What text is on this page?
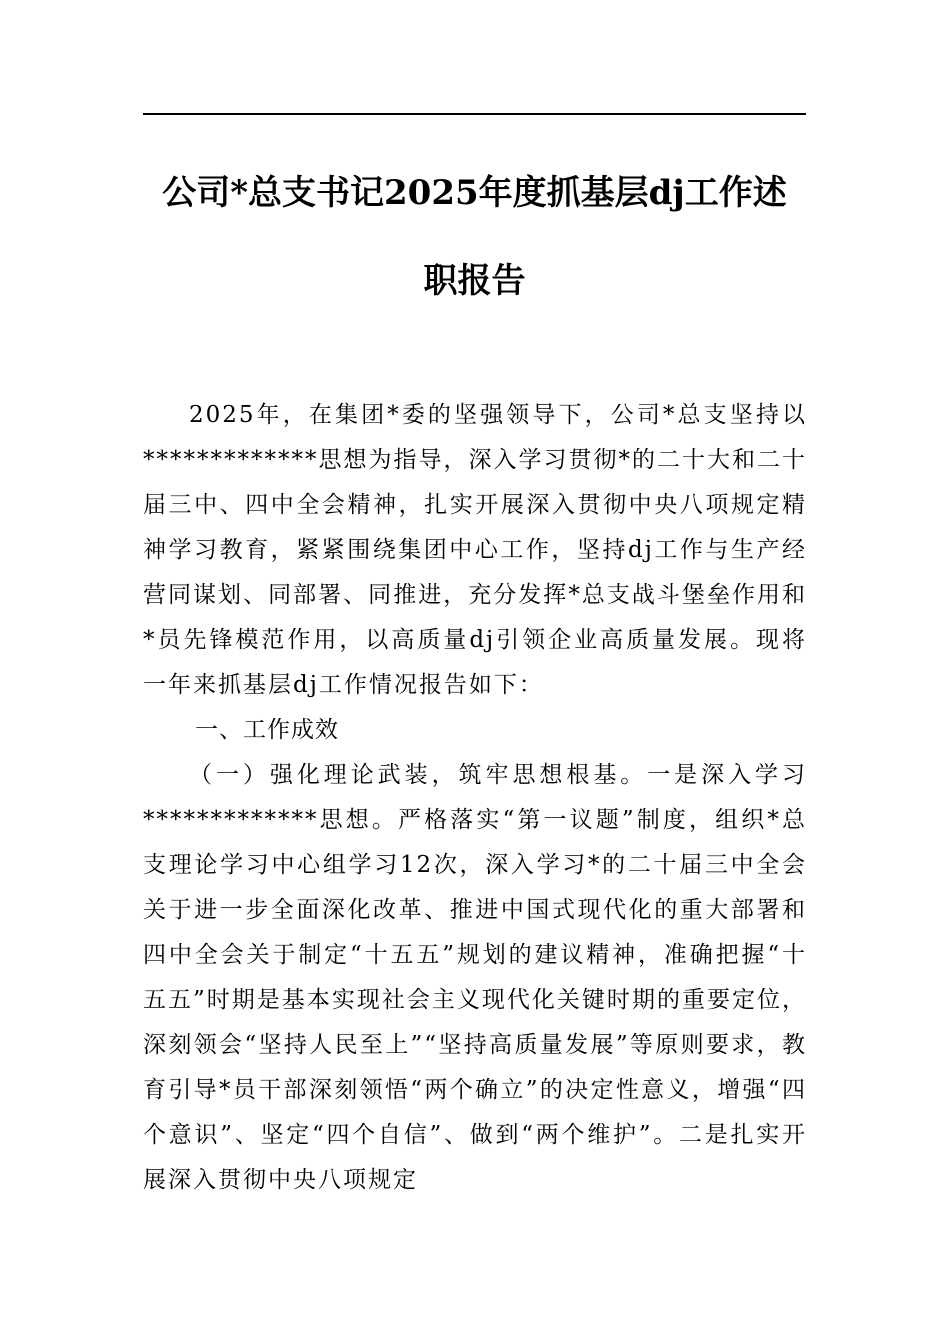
公司*总支书记2025年度抓基层dj工作述
职报告

2025年，在集团*委的坚强领导下，公司*总支坚持以*************思想为指导，深入学习贯彻*的二十大和二十届三中、四中全会精神，扎实开展深入贯彻中央八项规定精神学习教育，紧紧围绕集团中心工作，坚持dj工作与生产经营同谋划、同部署、同推进，充分发挥*总支战斗堡垒作用和*员先锋模范作用，以高质量dj引领企业高质量发展。现将一年来抓基层dj工作情况报告如下：

一、工作成效

（一）强化理论武装，筑牢思想根基。一是深入学习*************思想。严格落实“第一议题”制度，组织*总支理论学习中心组学习12次，深入学习*的二十届三中全会关于进一步全面深化改革、推进中国式现代化的重大部署和四中全会关于制定“十五五”规划的建议精神，准确把握“十五五”时期是基本实现社会主义现代化关键时期的重要定位，深刻领会“坚持人民至上”“坚持高质量发展”等原则要求，教育引导*员干部深刻领悟“两个确立”的决定性意义，增强“四个意识”、坚定“四个自信”、做到“两个维护”。二是扎实开展深入贯彻中央八项规定
